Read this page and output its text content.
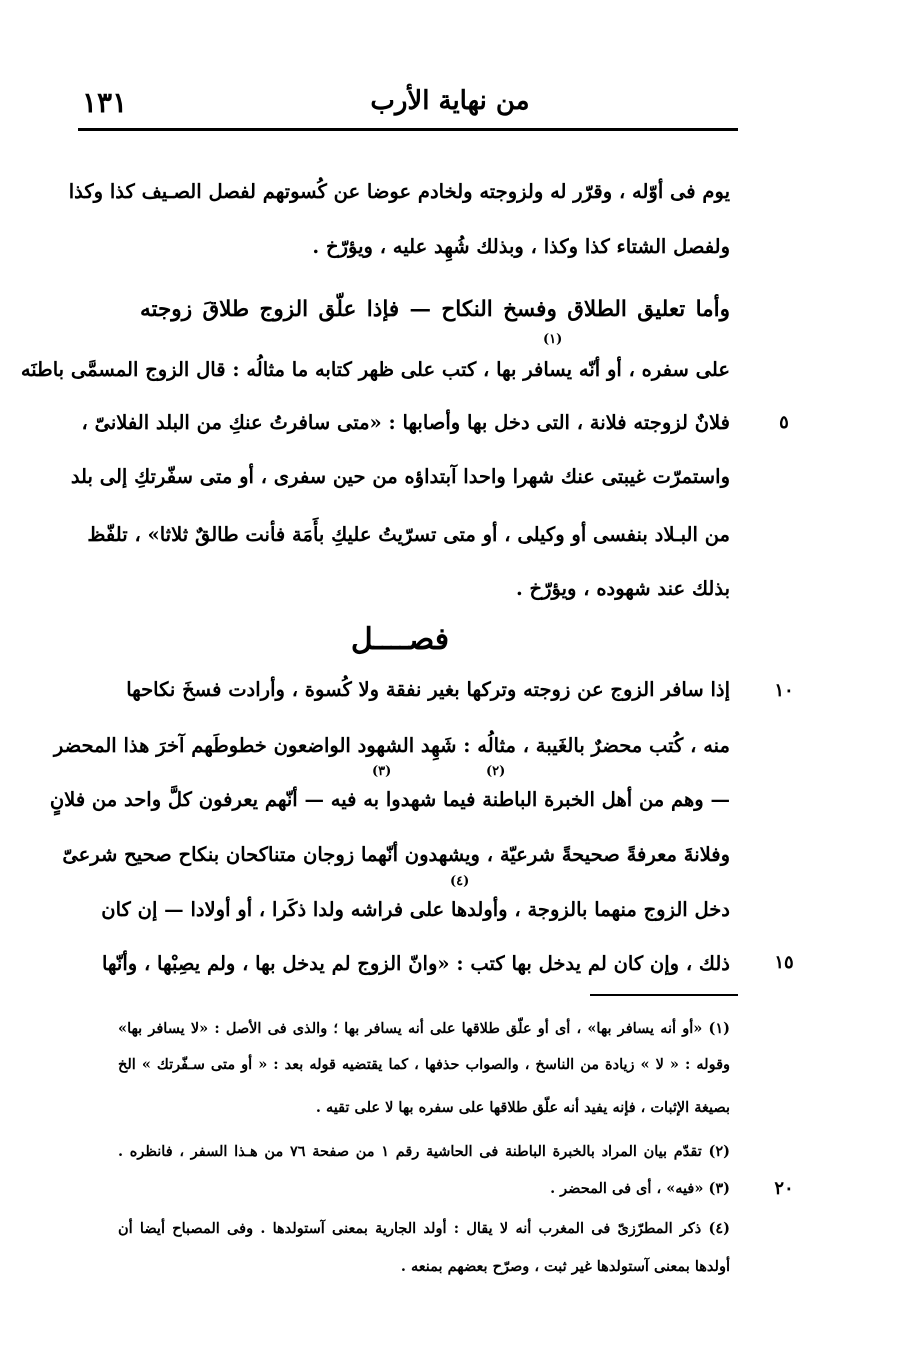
١٣١	من نهاية الأرب
يوم فى أوّله ، وقرّر له ولزوجته ولخادم عوضا عن كُسوتهم لفصل الصـيف كذا وكذا
ولفصل الشتاء كذا وكذا ، وبذلك شُهِد عليه ، ويؤرّخ .
وأما تعليق الطلاق وفسخ النكاح — فإذا علّق الزوج طلاقَ زوجته
على سفره ، أو أنّه يسافر بها ، كتب على ظهر كتابه ما مثالُه : قال الزوج المسمَّى باطنَه
فلانٌ لزوجته فلانة ، التى دخل بها وأصابها : «متى سافرتُ عنكِ من البلد الفلانىّ ،
واستمرّت غيبتى عنك شهرا واحدا آبتداؤه من حين سفرى ، أو متى سفّرتكِ إلى بلد
من البـلاد بنفسى أو وكيلى ، أو متى تسرّيتُ عليكِ بأَمَة فأنت طالقٌ ثلاثا» ، تلفّظ
بذلك عند شهوده ، ويؤرّخ .
فصــــل
إذا سافر الزوج عن زوجته وتركها بغير نفقة ولا كُسوة ، وأرادت فسخَ نكاحها
منه ، كُتب محضرٌ بالغَيبة ، مثالُه : شَهِد الشهود الواضعون خطوطَهم آخرَ هذا المحضر
— وهم من أهل الخبرة الباطنة فيما شهدوا به فيه — أنّهم يعرفون كلَّ واحد من فلانٍ
وفلانةَ معرفةً صحيحةً شرعيّة ، ويشهدون أنّهما زوجان متناكحان بنكاح صحيح شرعىّ
دخل الزوج منهما بالزوجة ، وأولدها على فراشه ولدا ذكَرا ، أو أولادا — إن كان
ذلك ، وإن كان لم يدخل بها كتب : «وانّ الزوج لم يدخل بها ، ولم يصِبْها ، وأنّها
(١)
(٢)
(٣)
(٤)
٥
١٠
١٥
٢٠
(١) «أو أنه يسافر بها» ، أى أو علّق طلاقها على أنه يسافر بها ؛ والذى فى الأصل : «لا يسافر بها»
وقوله : « لا » زيادة من الناسخ ، والصواب حذفها ، كما يقتضيه قوله بعد : « أو متى سـفّرتك » الخ
بصيغة الإثبات ، فإنه يفيد أنه علّق طلاقها على سفره بها لا على تقيه .
(٢) تقدّم بيان المراد بالخبرة الباطنة فى الحاشية رقم ١ من صفحة ٧٦ من هـذا السفر ، فانظره .
(٣) «فيه» ، أى فى المحضر .
(٤) ذكر المطرّزىّ فى المغرب أنه لا يقال : أولد الجارية بمعنى آستولدها . وفى المصباح أيضا أن
أولدها بمعنى آستولدها غير ثبت ، وصرّح بعضهم بمنعه .
